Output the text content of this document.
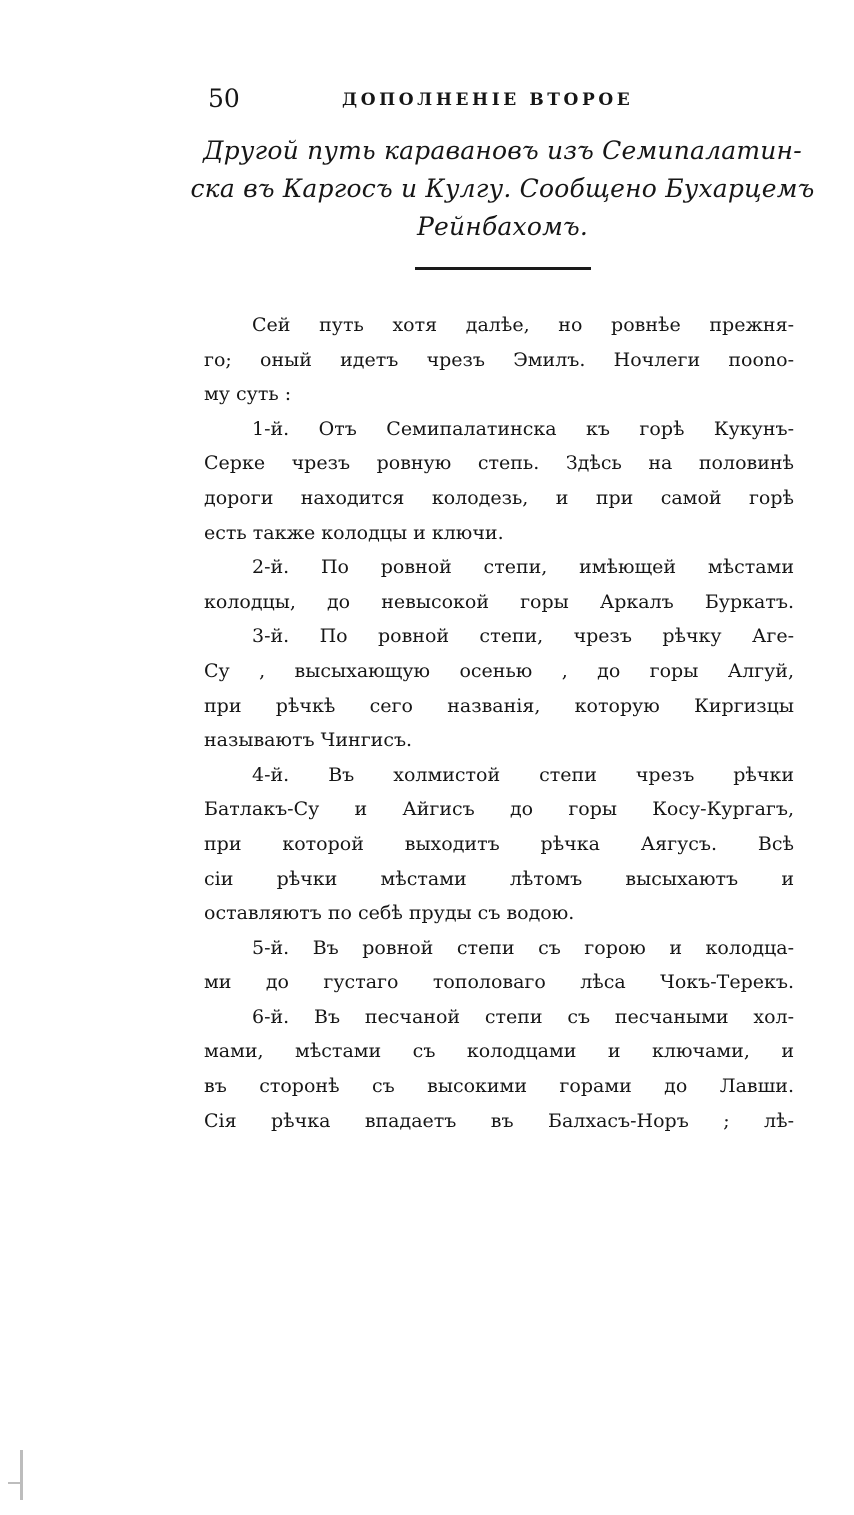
50	ДОПОЛНЕНІЕ ВТОРОЕ
Другой путь каравановъ изъ Семипалатин-
ска въ Каргосъ и Кулгу. Сообщено Бухарцемъ
Рейнбахомъ.
Сей путь хотя далѣе, но ровнѣе прежня-
го; оный идетъ чрезъ Эмилъ. Ночлеги поono-
му суть :
1-й. Отъ Семипалатинска къ горѣ Кукунъ-
Серке чрезъ ровную степь. Здѣсь на половинѣ
дороги находится колодезь, и при самой горѣ
есть также колодцы и ключи.
2-й. По ровной степи, имѣющей мѣстами
колодцы, до невысокой горы Аркалъ Буркатъ.
3-й. По ровной степи, чрезъ рѣчку Аге-
Су , высыхающую осенью , до горы Алгуй,
при рѣчкѣ сего названія, которую Киргизцы
называютъ Чингисъ.
4-й. Въ холмистой степи чрезъ рѣчки
Батлакъ-Су и Айгисъ до горы Косу-Кургагъ,
при которой выходитъ рѣчка Аягусъ. Всѣ
сіи рѣчки мѣстами лѣтомъ высыхаютъ и
оставляютъ по себѣ пруды съ водою.
5-й. Въ ровной степи съ горою и колодца-
ми до густаго тополоваго лѣса Чокъ-Терекъ.
6-й. Въ песчаной степи съ песчаными хол-
мами, мѣстами съ колодцами и ключами, и
въ сторонѣ съ высокими горами до Лавши.
Сія рѣчка впадаетъ въ Балхасъ-Норъ ; лѣ-
